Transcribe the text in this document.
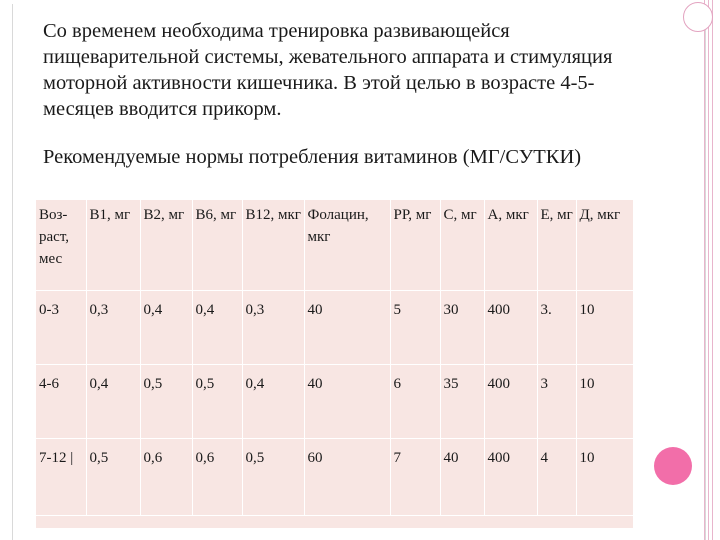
Со временем необходима тренировка развивающейся пищеварительной системы, жевательного аппарата и стимуляция моторной активности кишечника. В этой целью в возрасте 4-5- месяцев вводится прикорм.

Рекомендуемые нормы потребления витаминов (МГ/СУТКИ)

Воз-раст, мес	В1, мг	В2, мг	В6, мг	В12, мкг	Фолацин, мкг	РР, мг	С, мг	А, мкг	Е, мг	Д, мкг
0-3	0,3	0,4	0,4	0,3	40	5	30	400	3.	10
4-6	0,4	0,5	0,5	0,4	40	6	35	400	3	10
7-12 |	0,5	0,6	0,6	0,5	60	7	40	400	4	10
